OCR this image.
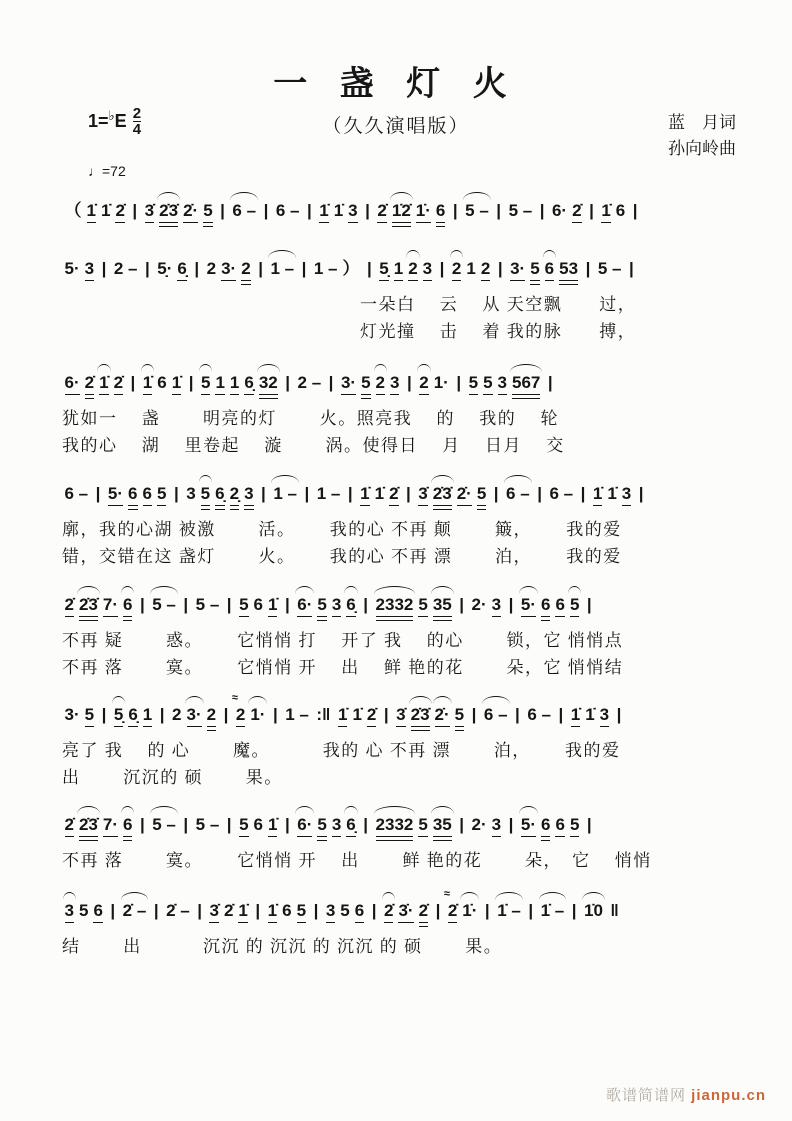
一 盏 灯 火
（久久演唱版）
1= ♭ E $\frac{2}{4}$
♩=72
蓝　月词
孙向岭曲
（ 1̇ 1̇ 2̇ | 3̇ 2̇3̇ 2̇· 5 | 6 – | 6 – | 1̇ 1̇ 3 | 2̇ 1̇2̇ 1̇· 6 | 5 – | 5 – | 6· 2̇ | 1̇ 6 |
5· 3 | 2 – | 5̣· 6̣ | 2 3· 2 | 1 – | 1 – ） | 5̣ 1 2 3 | 2 1 2 | 3· 5 6 53 | 5 – |
一朵白　 云　 从 天空飘　　过，
灯光撞　 击　 着 我的脉　　搏，
6· 2̇ 1̇ 2̇ | 1̇ 6 1̇ | 5 1 1 6̣ 32 | 2 – | 3· 5 2 3 | 2 1· | 5 5 3 567 |
犹如一　 盏　　 明亮的灯　　 火。照亮我　 的　 我的　 轮
我的心　 湖　 里卷起　 漩　　 涡。使得日　 月　 日月　 交
6 – | 5· 6 6 5 | 3 5 6̣ 2̣ 3 | 1 – | 1 – | 1̇ 1̇ 2̇ | 3̇ 2̇3̇ 2̇· 5 | 6 – | 6 – | 1̇ 1̇ 3 |
廓，我的心湖 被激　　 活。　　 我的心 不再 颠　　 簸，　　 我的爱
错，交错在这 盏灯　　 火。　　 我的心 不再 漂　　 泊，　　 我的爱
2̇ 2̇3̇ 7· 6 | 5 – | 5 – | 5 6 1̇ | 6· 5 3 6̣ | 2332 5 35 | 2· 3 | 5· 6 6 5 |
不再 疑　　 惑。　　 它悄悄 打　 开了 我　 的心　　 锁，它 悄悄点
不再 落　　 寞。　　 它悄悄 开　 出　 鲜 艳的花　　 朵，它 悄悄结
3· 5 | 5̣ 6̣ 1 | 2 3· 2 | 2
≈
1· | 1 – :‖ 1̇ 1̇ 2̇ | 3̇ 2̇3̇ 2̇· 5 | 6 – | 6 – | 1̇ 1̇ 3 |
亮了 我　 的 心　　 魔。　　　 我的 心 不再 漂　　 泊，　　 我的爱
出　　 沉沉的 硕　　 果。
2̇ 2̇3̇ 7· 6 | 5 – | 5 – | 5 6 1̇ | 6· 5 3 6̣ | 2332 5 35 | 2· 3 | 5· 6 6 5 |
不再 落　　 寞。　　 它悄悄 开　 出　　 鲜 艳的花　　 朵，　它　 悄悄
3 5 6 | 2̇ – | 2̇ – | 3̇ 2̇ 1̇ | 1̇ 6 5 | 3 5 6 | 2̇ 3̇· 2̇ | 2̇
≈
1̇· | 1̇ – | 1̇ – | 1̇0 ‖
结　　 出　　　 沉沉 的 沉沉 的 沉沉 的 硕　　 果。
歌谱简谱网 jianpu.cn
